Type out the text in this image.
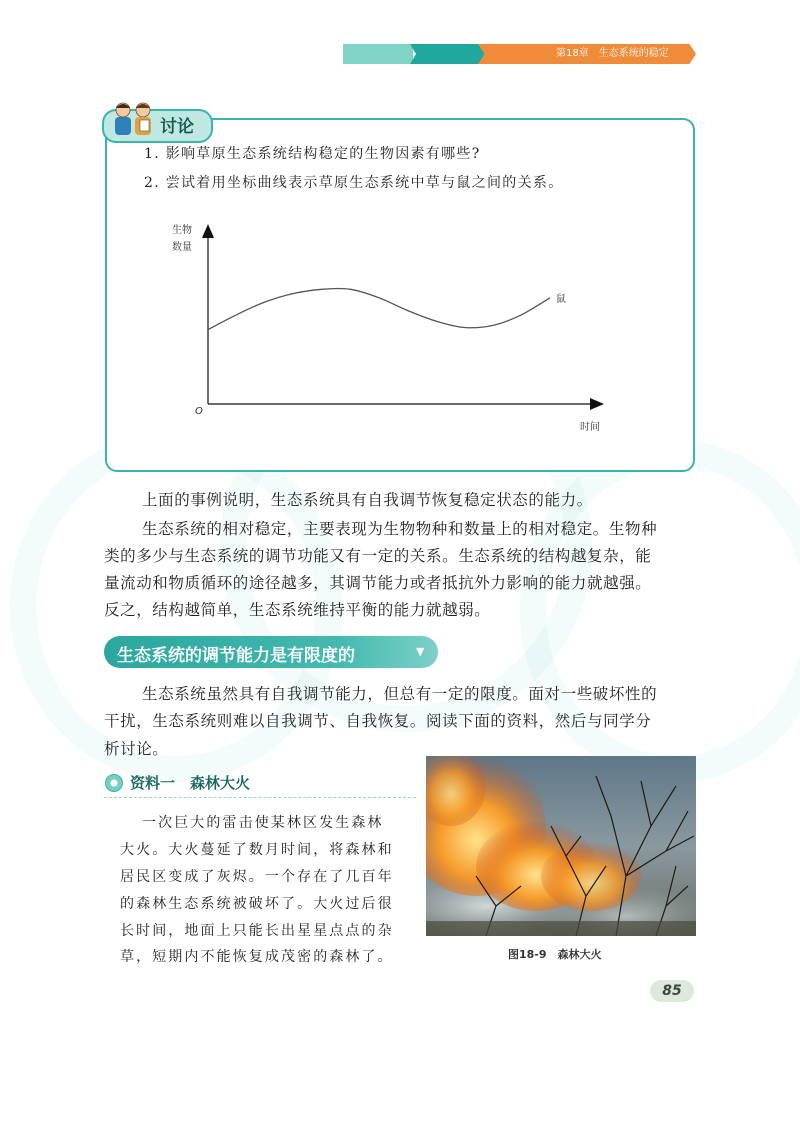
第18章 生态系统的稳定
讨论
1. 影响草原生态系统结构稳定的生物因素有哪些?
2. 尝试着用坐标曲线表示草原生态系统中草与鼠之间的关系。
生物
数量
O
时间
鼠
上面的事例说明，生态系统具有自我调节恢复稳定状态的能力。
生态系统的相对稳定，主要表现为生物物种和数量上的相对稳定。生物种
类的多少与生态系统的调节功能又有一定的关系。生态系统的结构越复杂，能
量流动和物质循环的途径越多，其调节能力或者抵抗外力影响的能力就越强。
反之，结构越简单，生态系统维持平衡的能力就越弱。
生态系统的调节能力是有限度的	▼
生态系统虽然具有自我调节能力，但总有一定的限度。面对一些破坏性的
干扰，生态系统则难以自我调节、自我恢复。阅读下面的资料，然后与同学分
析讨论。
资料一　森林大火
一次巨大的雷击使某林区发生森林
大火。大火蔓延了数月时间，将森林和
居民区变成了灰烬。一个存在了几百年
的森林生态系统被破坏了。大火过后很
长时间，地面上只能长出星星点点的杂
草，短期内不能恢复成茂密的森林了。	图18-9　森林大火
85
